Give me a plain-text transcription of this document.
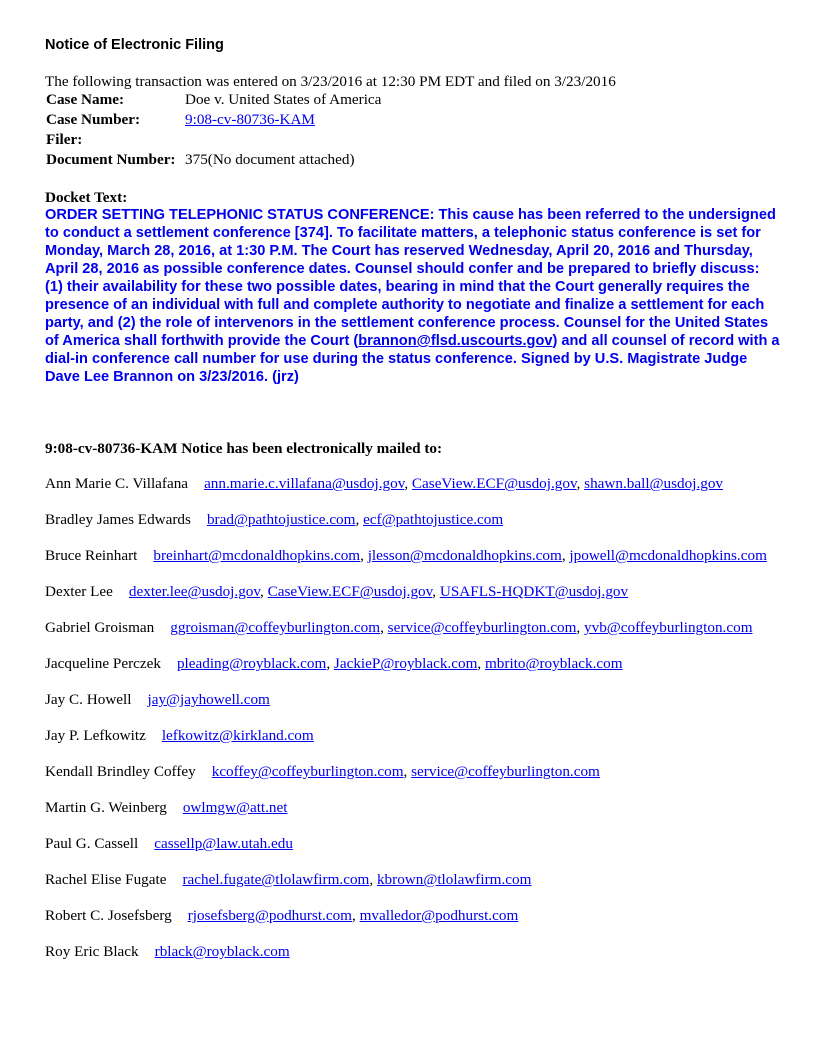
Notice of Electronic Filing
The following transaction was entered on 3/23/2016 at 12:30 PM EDT and filed on 3/23/2016
Case Name:	Doe v. United States of America
Case Number:	9:08-cv-80736-KAM
Filer:	
Document Number:	375(No document attached)
Docket Text:

ORDER SETTING TELEPHONIC STATUS CONFERENCE: This cause has been referred to the undersigned to conduct a settlement conference [374]. To facilitate matters, a telephonic status conference is set for Monday, March 28, 2016, at 1:30 P.M. The Court has reserved Wednesday, April 20, 2016 and Thursday, April 28, 2016 as possible conference dates. Counsel should confer and be prepared to briefly discuss: (1) their availability for these two possible dates, bearing in mind that the Court generally requires the presence of an individual with full and complete authority to negotiate and finalize a settlement for each party, and (2) the role of intervenors in the settlement conference process. Counsel for the United States of America shall forthwith provide the Court (brannon@flsd.uscourts.gov) and all counsel of record with a dial-in conference call number for use during the status conference. Signed by U.S. Magistrate Judge Dave Lee Brannon on 3/23/2016. (jrz)

9:08-cv-80736-KAM Notice has been electronically mailed to:

Ann Marie C. Villafana ann.marie.c.villafana@usdoj.gov, CaseView.ECF@usdoj.gov, shawn.ball@usdoj.gov

Bradley James Edwards brad@pathtojustice.com, ecf@pathtojustice.com

Bruce Reinhart breinhart@mcdonaldhopkins.com, jlesson@mcdonaldhopkins.com, jpowell@mcdonaldhopkins.com

Dexter Lee dexter.lee@usdoj.gov, CaseView.ECF@usdoj.gov, USAFLS-HQDKT@usdoj.gov

Gabriel Groisman ggroisman@coffeyburlington.com, service@coffeyburlington.com, yvb@coffeyburlington.com

Jacqueline Perczek pleading@royblack.com, JackieP@royblack.com, mbrito@royblack.com

Jay C. Howell jay@jayhowell.com

Jay P. Lefkowitz lefkowitz@kirkland.com

Kendall Brindley Coffey kcoffey@coffeyburlington.com, service@coffeyburlington.com

Martin G. Weinberg owlmgw@att.net

Paul G. Cassell cassellp@law.utah.edu

Rachel Elise Fugate rachel.fugate@tlolawfirm.com, kbrown@tlolawfirm.com

Robert C. Josefsberg rjosefsberg@podhurst.com, mvalledor@podhurst.com

Roy Eric Black rblack@royblack.com
